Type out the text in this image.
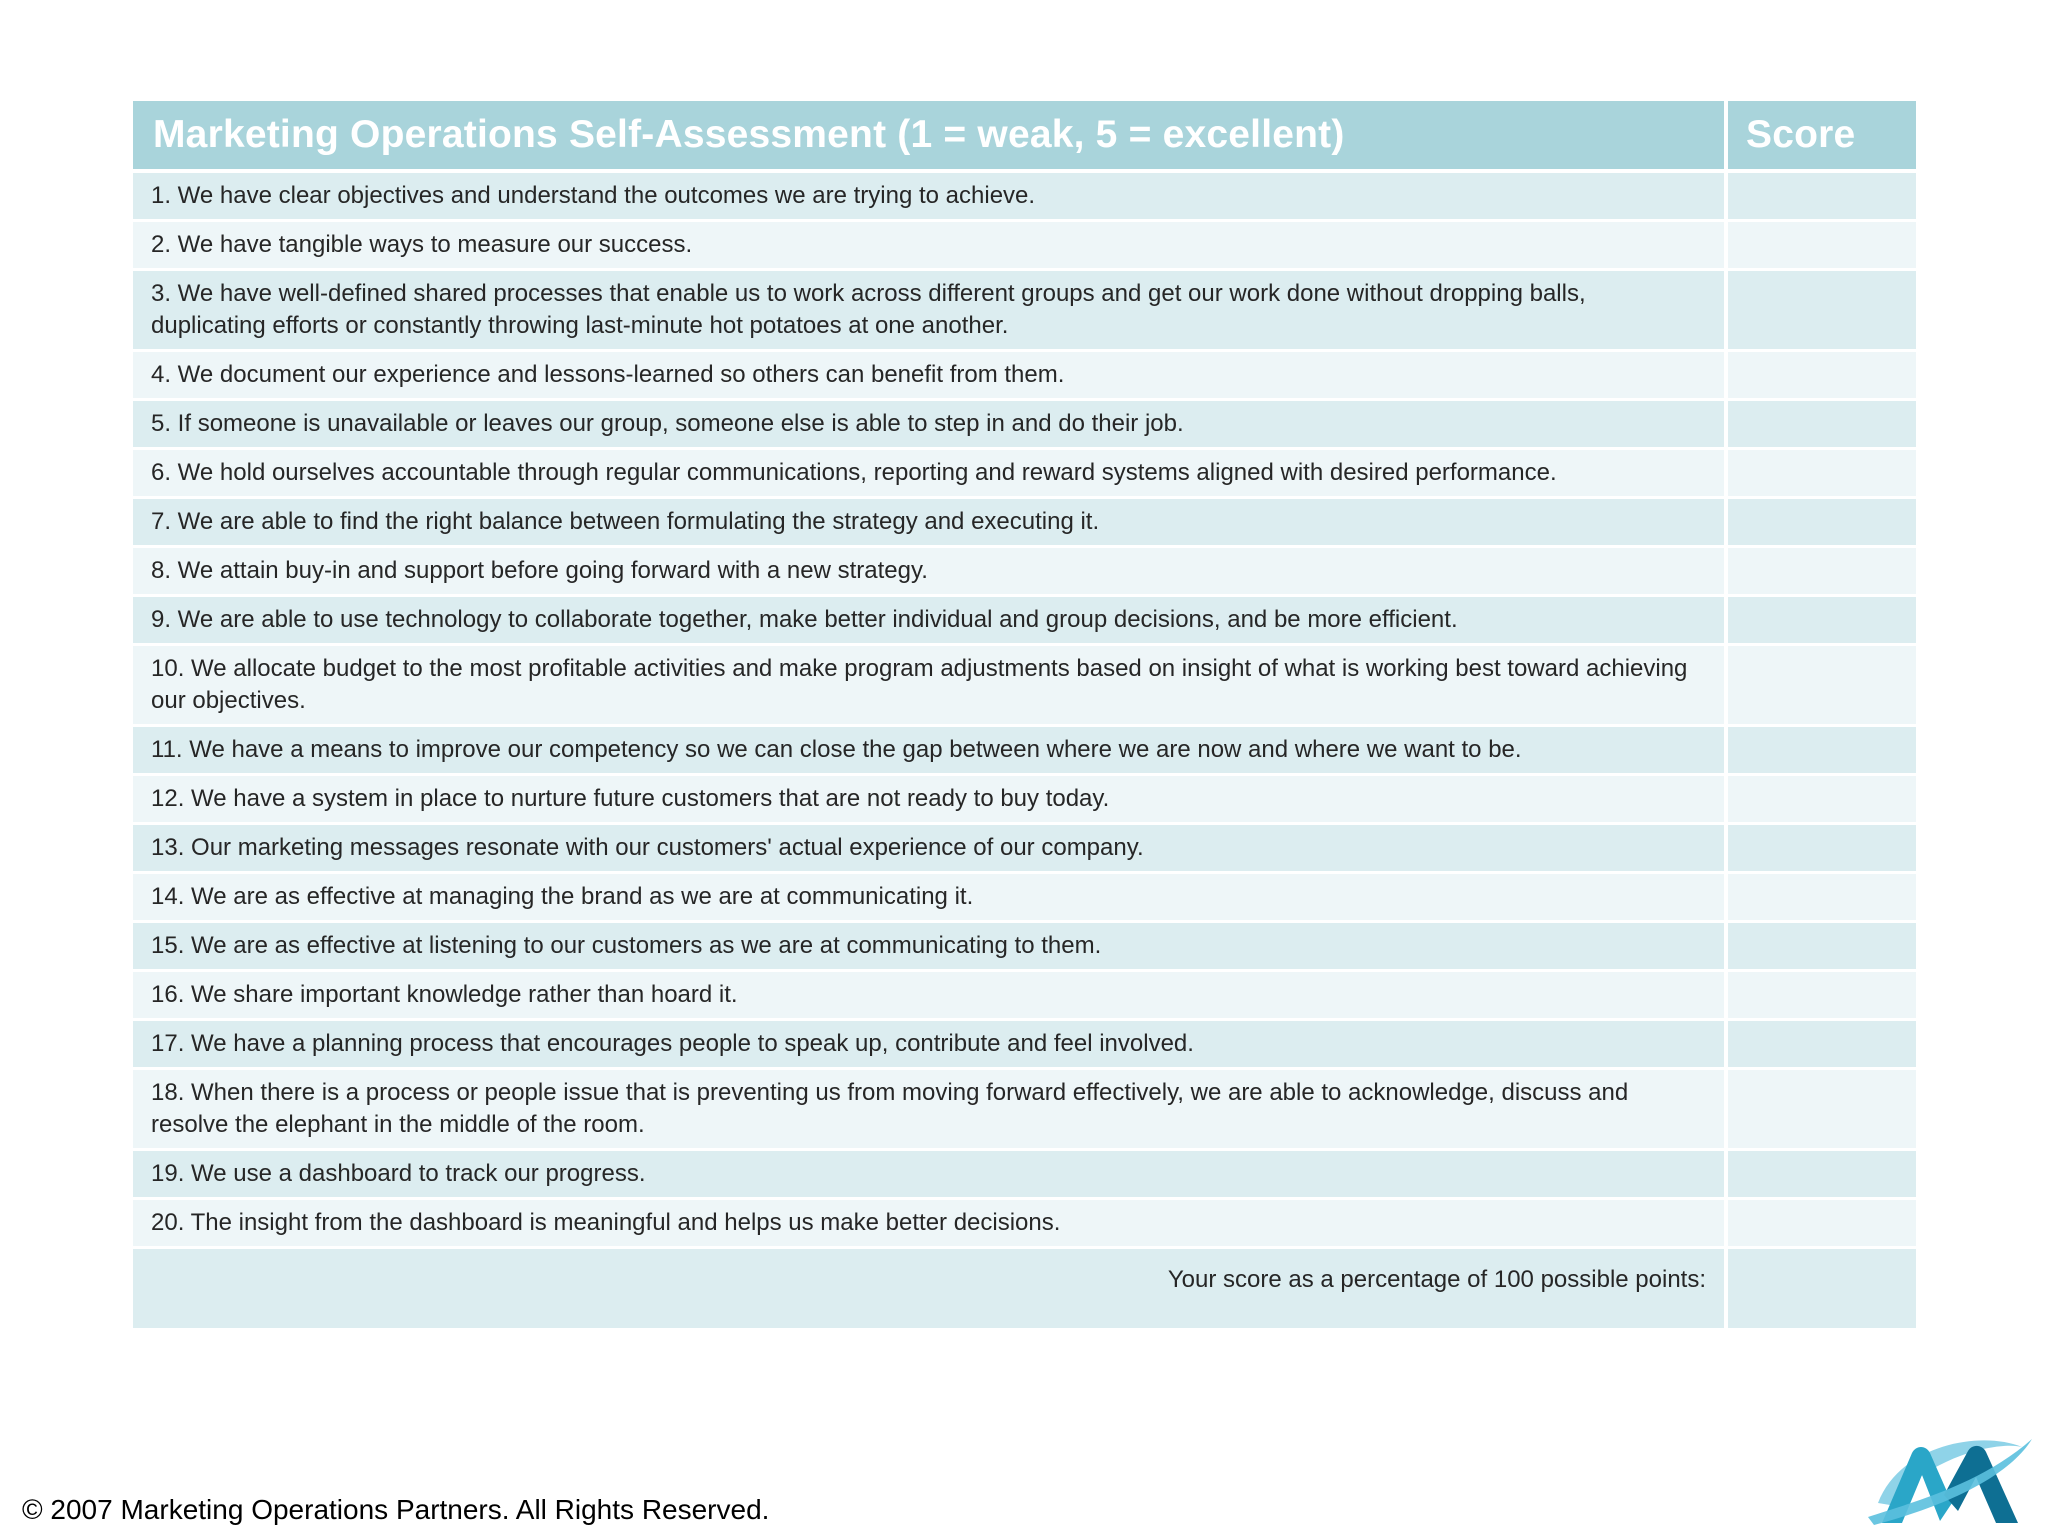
Marketing Operations Self-Assessment (1 = weak, 5 = excellent)	Score
1. We have clear objectives and understand the outcomes we are trying to achieve.	
2. We have tangible ways to measure our success.	
3. We have well-defined shared processes that enable us to work across different groups and get our work done without dropping balls, duplicating efforts or constantly throwing last-minute hot potatoes at one another.	
4. We document our experience and lessons-learned so others can benefit from them.	
5. If someone is unavailable or leaves our group, someone else is able to step in and do their job.	
6. We hold ourselves accountable through regular communications, reporting and reward systems aligned with desired performance.	
7. We are able to find the right balance between formulating the strategy and executing it.	
8. We attain buy-in and support before going forward with a new strategy.	
9. We are able to use technology to collaborate together, make better individual and group decisions, and be more efficient.	
10. We allocate budget to the most profitable activities and make program adjustments based on insight of what is working best toward achieving our objectives.	
11. We have a means to improve our competency so we can close the gap between where we are now and where we want to be.	
12. We have a system in place to nurture future customers that are not ready to buy today.	
13. Our marketing messages resonate with our customers' actual experience of our company.	
14. We are as effective at managing the brand as we are at communicating it.	
15. We are as effective at listening to our customers as we are at communicating to them.	
16. We share important knowledge rather than hoard it.	
17. We have a planning process that encourages people to speak up, contribute and feel involved.	
18. When there is a process or people issue that is preventing us from moving forward effectively, we are able to acknowledge, discuss and resolve the elephant in the middle of the room.	
19. We use a dashboard to track our progress.	
20. The insight from the dashboard is meaningful and helps us make better decisions.	
Your score as a percentage of 100 possible points:	
© 2007 Marketing Operations Partners. All Rights Reserved.
